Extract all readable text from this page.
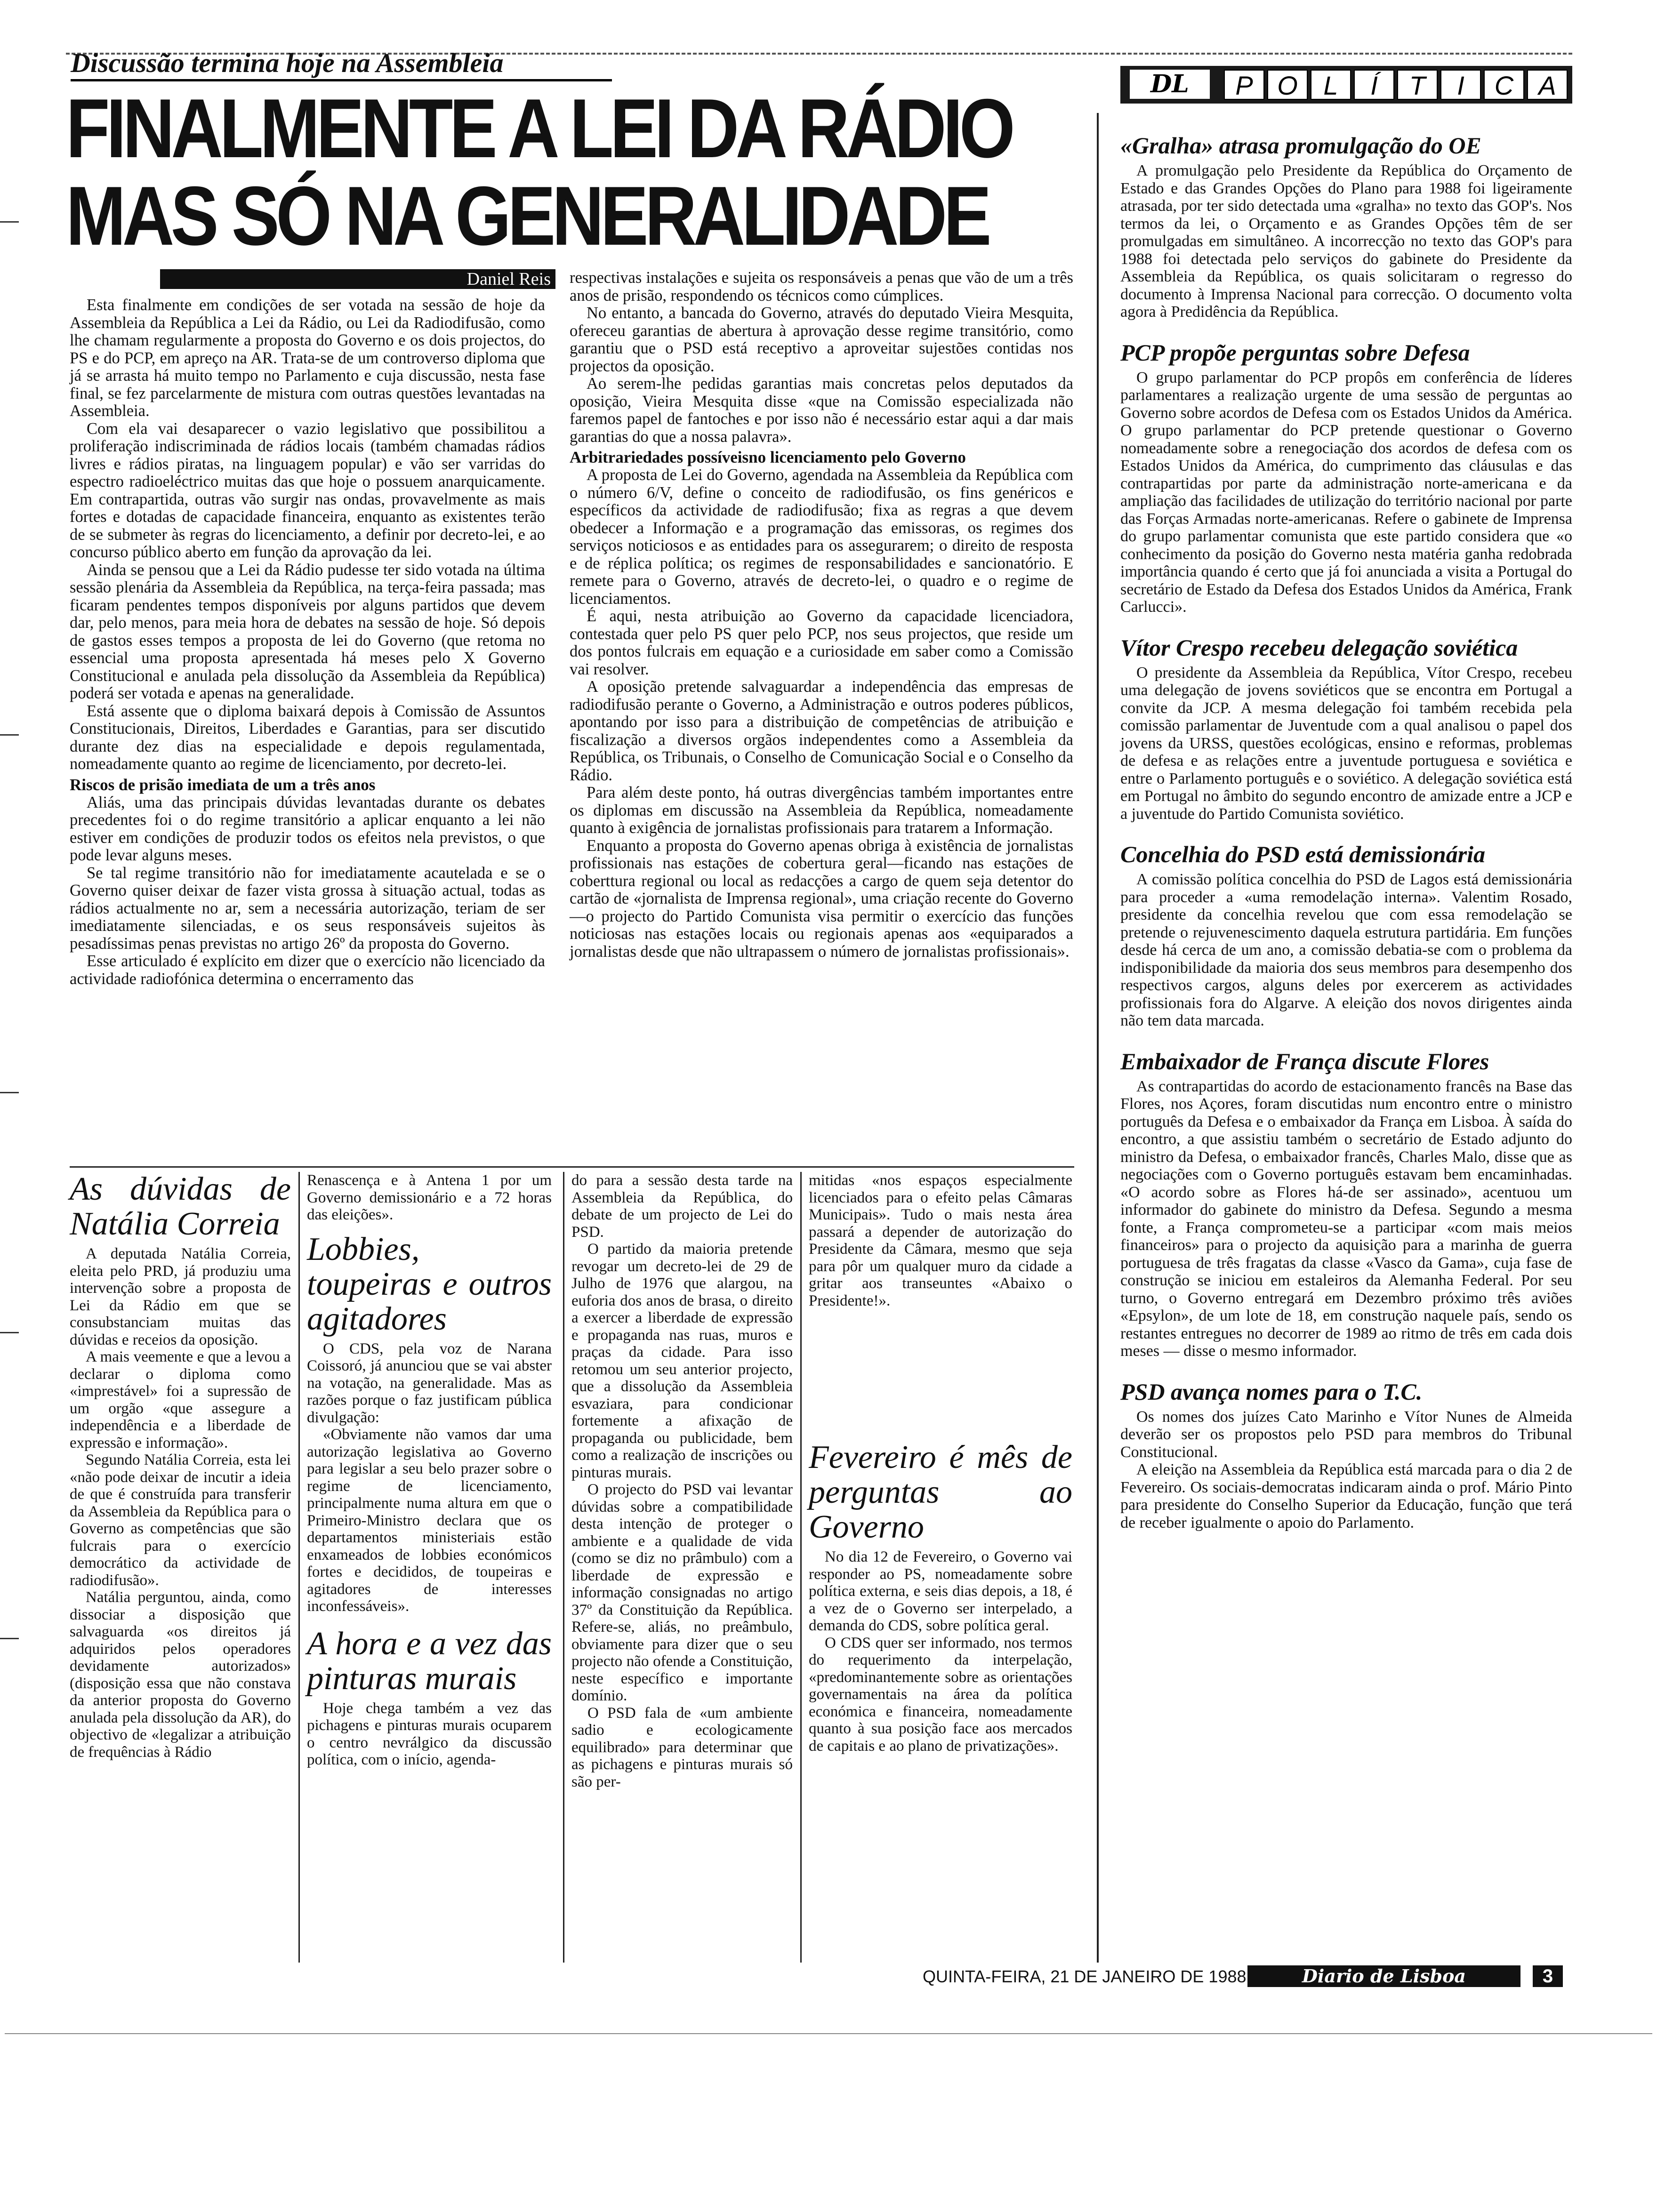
Discussão termina hoje na Assembleia
FINALMENTE A LEI DA RÁDIO
MAS SÓ NA GENERALIDADE
Daniel Reis
DL	P O L	Í	T	I	C A

Esta finalmente em condições de ser votada na sessão de hoje da Assembleia da República a Lei da Rádio, ou Lei da Radiodifusão, como lhe chamam regularmente a proposta do Governo e os dois projectos, do PS e do PCP, em apreço na AR. Trata-se de um controverso diploma que já se arrasta há muito tempo no Parlamento e cuja discussão, nesta fase final, se fez parcelarmente de mistura com outras questões levantadas na Assembleia.

Com ela vai desaparecer o vazio legislativo que possibilitou a proliferação indiscriminada de rádios locais (também chamadas rádios livres e rádios piratas, na linguagem popular) e vão ser varridas do espectro radioeléctrico muitas das que hoje o possuem anarquicamente. Em contrapartida, outras vão surgir nas ondas, provavelmente as mais fortes e dotadas de capacidade financeira, enquanto as existentes terão de se submeter às regras do licenciamento, a definir por decreto-lei, e ao concurso público aberto em função da aprovação da lei.

Ainda se pensou que a Lei da Rádio pudesse ter sido votada na última sessão plenária da Assembleia da República, na terça-feira passada; mas ficaram pendentes tempos disponíveis por alguns partidos que devem dar, pelo menos, para meia hora de debates na sessão de hoje. Só depois de gastos esses tempos a proposta de lei do Governo (que retoma no essencial uma proposta apresentada há meses pelo X Governo Constitucional e anulada pela dissolução da Assembleia da República) poderá ser votada e apenas na generalidade.

Está assente que o diploma baixará depois à Comissão de Assuntos Constitucionais, Direitos, Liberdades e Garantias, para ser discutido durante dez dias na especialidade e depois regulamentada, nomeadamente quanto ao regime de licenciamento, por decreto-lei.

Riscos de prisão imediata de um a três anos

Aliás, uma das principais dúvidas levantadas durante os debates precedentes foi o do regime transitório a aplicar enquanto a lei não estiver em condições de produzir todos os efeitos nela previstos, o que pode levar alguns meses.

Se tal regime transitório não for imediatamente acautelada e se o Governo quiser deixar de fazer vista grossa à situação actual, todas as rádios actualmente no ar, sem a necessária autorização, teriam de ser imediatamente silenciadas, e os seus responsáveis sujeitos às pesadíssimas penas previstas no artigo 26º da proposta do Governo.

Esse articulado é explícito em dizer que o exercício não licenciado da actividade radiofónica determina o encerramento das

respectivas instalações e sujeita os responsáveis a penas que vão de um a três anos de prisão, respondendo os técnicos como cúmplices.

No entanto, a bancada do Governo, através do deputado Vieira Mesquita, ofereceu garantias de abertura à aprovação desse regime transitório, como garantiu que o PSD está receptivo a aproveitar sujestões contidas nos projectos da oposição.

Ao serem-lhe pedidas garantias mais concretas pelos deputados da oposição, Vieira Mesquita disse «que na Comissão especializada não faremos papel de fantoches e por isso não é necessário estar aqui a dar mais garantias do que a nossa palavra».

Arbitrariedades possíveisno licenciamento pelo Governo

A proposta de Lei do Governo, agendada na Assembleia da República com o número 6/V, define o conceito de radiodifusão, os fins genéricos e específicos da actividade de radiodifusão; fixa as regras a que devem obedecer a Informação e a programação das emissoras, os regimes dos serviços noticiosos e as entidades para os assegurarem; o direito de resposta e de réplica política; os regimes de responsabilidades e sancionatório. E remete para o Governo, através de decreto-lei, o quadro e o regime de licenciamentos.

É aqui, nesta atribuição ao Governo da capacidade licenciadora, contestada quer pelo PS quer pelo PCP, nos seus projectos, que reside um dos pontos fulcrais em equação e a curiosidade em saber como a Comissão vai resolver.

A oposição pretende salvaguardar a independência das empresas de radiodifusão perante o Governo, a Administração e outros poderes públicos, apontando por isso para a distribuição de competências de atribuição e fiscalização a diversos orgãos independentes como a Assembleia da República, os Tribunais, o Conselho de Comunicação Social e o Conselho da Rádio.

Para além deste ponto, há outras divergências também importantes entre os diplomas em discussão na Assembleia da República, nomeadamente quanto à exigência de jornalistas profissionais para tratarem a Informação.

Enquanto a proposta do Governo apenas obriga à existência de jornalistas profissionais nas estações de cobertura geral—ficando nas estações de coberttura regional ou local as redacções a cargo de quem seja detentor do cartão de «jornalista de Imprensa regional», uma criação recente do Governo—o projecto do Partido Comunista visa permitir o exercício das funções noticiosas nas estações locais ou regionais apenas aos «equiparados a jornalistas desde que não ultrapassem o número de jornalistas profissionais».

As dúvidas de Natália Correia

A deputada Natália Correia, eleita pelo PRD, já produziu uma intervenção sobre a proposta de Lei da Rádio em que se consubstanciam muitas das dúvidas e receios da oposição.

A mais veemente e que a levou a declarar o diploma como «imprestável» foi a supressão de um orgão «que assegure a independência e a liberdade de expressão e informação».

Segundo Natália Correia, esta lei «não pode deixar de incutir a ideia de que é construída para transferir da Assembleia da República para o Governo as competências que são fulcrais para o exercício democrático da actividade de radiodifusão».

Natália perguntou, ainda, como dissociar a disposição que salvaguarda «os direitos já adquiridos pelos operadores devidamente autorizados» (disposição essa que não constava da anterior proposta do Governo anulada pela dissolução da AR), do objectivo de «legalizar a atribuição de frequências à Rádio

Renascença e à Antena 1 por um Governo demissionário e a 72 horas das eleições».

Lobbies, toupeiras e outros agitadores

O CDS, pela voz de Narana Coissoró, já anunciou que se vai abster na votação, na generalidade. Mas as razões porque o faz justificam pública divulgação:

«Obviamente não vamos dar uma autorização legislativa ao Governo para legislar a seu belo prazer sobre o regime de licenciamento, principalmente numa altura em que o Primeiro-Ministro declara que os departamentos ministeriais estão enxameados de lobbies económicos fortes e decididos, de toupeiras e agitadores de interesses inconfessáveis».

A hora e a vez das pinturas murais

Hoje chega também a vez das pichagens e pinturas murais ocuparem o centro nevrálgico da discussão política, com o início, agenda-

do para a sessão desta tarde na Assembleia da República, do debate de um projecto de Lei do PSD.

O partido da maioria pretende revogar um decreto-lei de 29 de Julho de 1976 que alargou, na euforia dos anos de brasa, o direito a exercer a liberdade de expressão e propaganda nas ruas, muros e praças da cidade. Para isso retomou um seu anterior projecto, que a dissolução da Assembleia esvaziara, para condicionar fortemente a afixação de propaganda ou publicidade, bem como a realização de inscrições ou pinturas murais.

O projecto do PSD vai levantar dúvidas sobre a compatibilidade desta intenção de proteger o ambiente e a qualidade de vida (como se diz no prâmbulo) com a liberdade de expressão e informação consignadas no artigo 37º da Constituição da República. Refere-se, aliás, no preâmbulo, obviamente para dizer que o seu projecto não ofende a Constituição, neste específico e importante domínio.

O PSD fala de «um ambiente sadio e ecologicamente equilibrado» para determinar que as pichagens e pinturas murais só são per-

mitidas «nos espaços especialmente licenciados para o efeito pelas Câmaras Municipais». Tudo o mais nesta área passará a depender de autorização do Presidente da Câmara, mesmo que seja para pôr um qualquer muro da cidade a gritar aos transeuntes «Abaixo o Presidente!».

Fevereiro é mês de perguntas ao Governo

No dia 12 de Fevereiro, o Governo vai responder ao PS, nomeadamente sobre política externa, e seis dias depois, a 18, é a vez de o Governo ser interpelado, a demanda do CDS, sobre política geral.

O CDS quer ser informado, nos termos do requerimento da interpelação, «predominantemente sobre as orientações governamentais na área da política económica e financeira, nomeadamente quanto à sua posição face aos mercados de capitais e ao plano de privatizações».

«Gralha» atrasa promulgação do OE

A promulgação pelo Presidente da República do Orçamento de Estado e das Grandes Opções do Plano para 1988 foi ligeiramente atrasada, por ter sido detectada uma «gralha» no texto das GOP's. Nos termos da lei, o Orçamento e as Grandes Opções têm de ser promulgadas em simultâneo. A incorrecção no texto das GOP's para 1988 foi detectada pelo serviços do gabinete do Presidente da Assembleia da República, os quais solicitaram o regresso do documento à Imprensa Nacional para correcção. O documento volta agora à Predidência da República.

PCP propõe perguntas sobre Defesa

O grupo parlamentar do PCP propôs em conferência de líderes parlamentares a realização urgente de uma sessão de perguntas ao Governo sobre acordos de Defesa com os Estados Unidos da América. O grupo parlamentar do PCP pretende questionar o Governo nomeadamente sobre a renegociação dos acordos de defesa com os Estados Unidos da América, do cumprimento das cláusulas e das contrapartidas por parte da administração norte-americana e da ampliação das facilidades de utilização do território nacional por parte das Forças Armadas norte-americanas. Refere o gabinete de Imprensa do grupo parlamentar comunista que este partido considera que «o conhecimento da posição do Governo nesta matéria ganha redobrada importância quando é certo que já foi anunciada a visita a Portugal do secretário de Estado da Defesa dos Estados Unidos da América, Frank Carlucci».

Vítor Crespo recebeu delegação soviética

O presidente da Assembleia da República, Vítor Crespo, recebeu uma delegação de jovens soviéticos que se encontra em Portugal a convite da JCP. A mesma delegação foi também recebida pela comissão parlamentar de Juventude com a qual analisou o papel dos jovens da URSS, questões ecológicas, ensino e reformas, problemas de defesa e as relações entre a juventude portuguesa e soviética e entre o Parlamento português e o soviético. A delegação soviética está em Portugal no âmbito do segundo encontro de amizade entre a JCP e a juventude do Partido Comunista soviético.

Concelhia do PSD está demissionária

A comissão política concelhia do PSD de Lagos está demissionária para proceder a «uma remodelação interna». Valentim Rosado, presidente da concelhia revelou que com essa remodelação se pretende o rejuvenescimento daquela estrutura partidária. Em funções desde há cerca de um ano, a comissão debatia-se com o problema da indisponibilidade da maioria dos seus membros para desempenho dos respectivos cargos, alguns deles por exercerem as actividades profissionais fora do Algarve. A eleição dos novos dirigentes ainda não tem data marcada.

Embaixador de França discute Flores

As contrapartidas do acordo de estacionamento francês na Base das Flores, nos Açores, foram discutidas num encontro entre o ministro português da Defesa e o embaixador da França em Lisboa. À saída do encontro, a que assistiu também o secretário de Estado adjunto do ministro da Defesa, o embaixador francês, Charles Malo, disse que as negociações com o Governo português estavam bem encaminhadas. «O acordo sobre as Flores há-de ser assinado», acentuou um informador do gabinete do ministro da Defesa. Segundo a mesma fonte, a França comprometeu-se a participar «com mais meios financeiros» para o projecto da aquisição para a marinha de guerra portuguesa de três fragatas da classe «Vasco da Gama», cuja fase de construção se iniciou em estaleiros da Alemanha Federal. Por seu turno, o Governo entregará em Dezembro próximo três aviões «Epsylon», de um lote de 18, em construção naquele país, sendo os restantes entregues no decorrer de 1989 ao ritmo de três em cada dois meses — disse o mesmo informador.

PSD avança nomes para o T.C.

Os nomes dos juízes Cato Marinho e Vítor Nunes de Almeida deverão ser os propostos pelo PSD para membros do Tribunal Constitucional.

A eleição na Assembleia da República está marcada para o dia 2 de Fevereiro. Os sociais-democratas indicaram ainda o prof. Mário Pinto para presidente do Conselho Superior da Educação, função que terá de receber igualmente o apoio do Parlamento.

QUINTA-FEIRA, 21 DE JANEIRO DE 1988	Diario de Lisboa	3
